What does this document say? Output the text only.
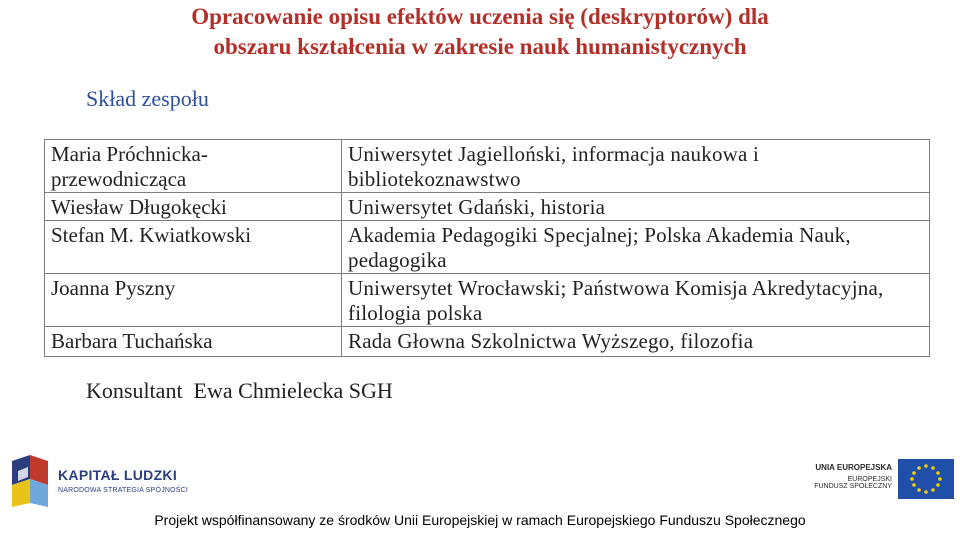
Opracowanie opisu efektów uczenia się (deskryptorów) dla
obszaru kształcenia w zakresie nauk humanistycznych
Skład zespołu
Maria Próchnicka-przewodnicząca	Uniwersytet Jagielloński, informacja naukowa i bibliotekoznawstwo
Wiesław Długokęcki	Uniwersytet Gdański, historia
Stefan M. Kwiatkowski	Akademia Pedagogiki Specjalnej; Polska Akademia Nauk, pedagogika
Joanna Pyszny	Uniwersytet Wrocławski; Państwowa Komisja Akredytacyjna, filologia polska
Barbara Tuchańska	Rada Głowna Szkolnictwa Wyższego, filozofia
Konsultant  Ewa Chmielecka SGH
KAPITAŁ LUDZKI
NARODOWA STRATEGIA SPÓJNOŚCI
UNIA EUROPEJSKA
EUROPEJSKI
FUNDUSZ SPOŁECZNY
Projekt współfinansowany ze środków Unii Europejskiej w ramach Europejskiego Funduszu Społecznego
